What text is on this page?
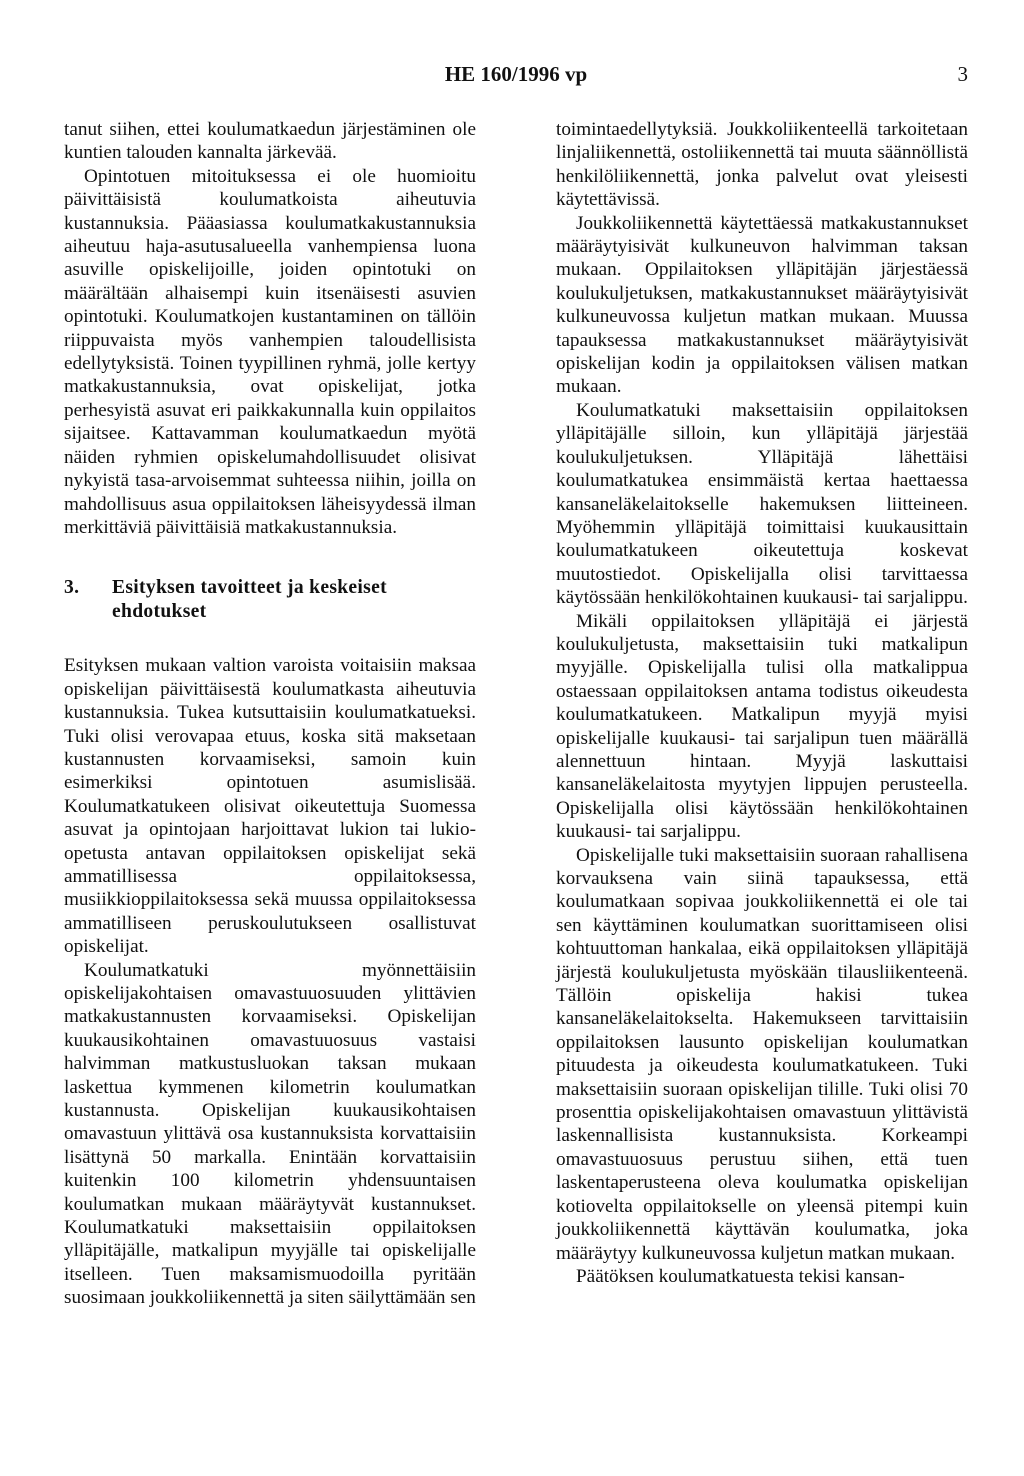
HE 160/1996 vp	3

tanut siihen, ettei koulumatkaedun järjestäminen ole kuntien talouden kannalta järkevää.

Opintotuen mitoituksessa ei ole huomioitu päivittäisistä koulumatkoista aiheutuvia kustannuksia. Pääasiassa koulumatkakustannuksia aiheutuu haja-asutusalueella vanhempiensa luona asuville opiskelijoille, joiden opintotuki on määrältään alhaisempi kuin itsenäisesti asuvien opintotuki. Koulumatkojen kustantaminen on tällöin riippuvaista myös vanhempien taloudellisista edellytyksistä. Toinen tyypillinen ryhmä, jolle kertyy matkakustannuksia, ovat opiskelijat, jotka perhesyistä asuvat eri paikkakunnalla kuin oppilaitos sijaitsee. Kattavamman koulumatkaedun myötä näiden ryhmien opiskelumahdollisuudet olisivat nykyistä tasa-arvoisemmat suhteessa niihin, joilla on mahdollisuus asua oppilaitoksen läheisyydessä ilman merkittäviä päivittäisiä matkakustannuksia.

3.	Esityksen tavoitteet ja keskeiset ehdotukset

Esityksen mukaan valtion varoista voitaisiin maksaa opiskelijan päivittäisestä koulumatkasta aiheutuvia kustannuksia. Tukea kutsuttaisiin koulumatkatueksi. Tuki olisi verovapaa etuus, koska sitä maksetaan kustannusten korvaamiseksi, samoin kuin esimerkiksi opintotuen asumislisää. Koulumatkatukeen olisivat oikeutettuja Suomessa asuvat ja opintojaan harjoittavat lukion tai lukio-opetusta antavan oppilaitoksen opiskelijat sekä ammatillisessa oppilaitoksessa, musiikkioppilaitoksessa sekä muussa oppilaitoksessa ammatilliseen peruskoulutukseen osallistuvat opiskelijat.

Koulumatkatuki myönnettäisiin opiskelijakohtaisen omavastuuosuuden ylittävien matkakustannusten korvaamiseksi. Opiskelijan kuukausikohtainen omavastuuosuus vastaisi halvimman matkustusluokan taksan mukaan laskettua kymmenen kilometrin koulumatkan kustannusta. Opiskelijan kuukausikohtaisen omavastuun ylittävä osa kustannuksista korvattaisiin lisättynä 50 markalla. Enintään korvattaisiin kuitenkin 100 kilometrin yhdensuuntaisen koulumatkan mukaan määräytyvät kustannukset. Koulumatkatuki maksettaisiin oppilaitoksen ylläpitäjälle, matkalipun myyjälle tai opiskelijalle itselleen. Tuen maksamismuodoilla pyritään suosimaan joukkoliikennettä ja siten säilyttämään sen

toimintaedellytyksiä. Joukkoliikenteellä tarkoitetaan linjaliikennettä, ostoliikennettä tai muuta säännöllistä henkilöliikennettä, jonka palvelut ovat yleisesti käytettävissä.

Joukkoliikennettä käytettäessä matkakustannukset määräytyisivät kulkuneuvon halvimman taksan mukaan. Oppilaitoksen ylläpitäjän järjestäessä koulukuljetuksen, matkakustannukset määräytyisivät kulkuneuvossa kuljetun matkan mukaan. Muussa tapauksessa matkakustannukset määräytyisivät opiskelijan kodin ja oppilaitoksen välisen matkan mukaan.

Koulumatkatuki maksettaisiin oppilaitoksen ylläpitäjälle silloin, kun ylläpitäjä järjestää koulukuljetuksen. Ylläpitäjä lähettäisi koulumatkatukea ensimmäistä kertaa haettaessa kansaneläkelaitokselle hakemuksen liitteineen. Myöhemmin ylläpitäjä toimittaisi kuukausittain koulumatkatukeen oikeutettuja koskevat muutostiedot. Opiskelijalla olisi tarvittaessa käytössään henkilökohtainen kuukausi- tai sarjalippu.

Mikäli oppilaitoksen ylläpitäjä ei järjestä koulukuljetusta, maksettaisiin tuki matkalipun myyjälle. Opiskelijalla tulisi olla matkalippua ostaessaan oppilaitoksen antama todistus oikeudesta koulumatkatukeen. Matkalipun myyjä myisi opiskelijalle kuukausi- tai sarjalipun tuen määrällä alennettuun hintaan. Myyjä laskuttaisi kansaneläkelaitosta myytyjen lippujen perusteella. Opiskelijalla olisi käytössään henkilökohtainen kuukausi- tai sarjalippu.

Opiskelijalle tuki maksettaisiin suoraan rahallisena korvauksena vain siinä tapauksessa, että koulumatkaan sopivaa joukkoliikennettä ei ole tai sen käyttäminen koulumatkan suorittamiseen olisi kohtuuttoman hankalaa, eikä oppilaitoksen ylläpitäjä järjestä koulukuljetusta myöskään tilausliikenteenä. Tällöin opiskelija hakisi tukea kansaneläkelaitokselta. Hakemukseen tarvittaisiin oppilaitoksen lausunto opiskelijan koulumatkan pituudesta ja oikeudesta koulumatkatukeen. Tuki maksettaisiin suoraan opiskelijan tilille. Tuki olisi 70 prosenttia opiskelijakohtaisen omavastuun ylittävistä laskennallisista kustannuksista. Korkeampi omavastuuosuus perustuu siihen, että tuen laskentaperusteena oleva koulumatka opiskelijan kotiovelta oppilaitokselle on yleensä pitempi kuin joukkoliikennettä käyttävän koulumatka, joka määräytyy kulkuneuvossa kuljetun matkan mukaan.

Päätöksen koulumatkatuesta tekisi kansan-
